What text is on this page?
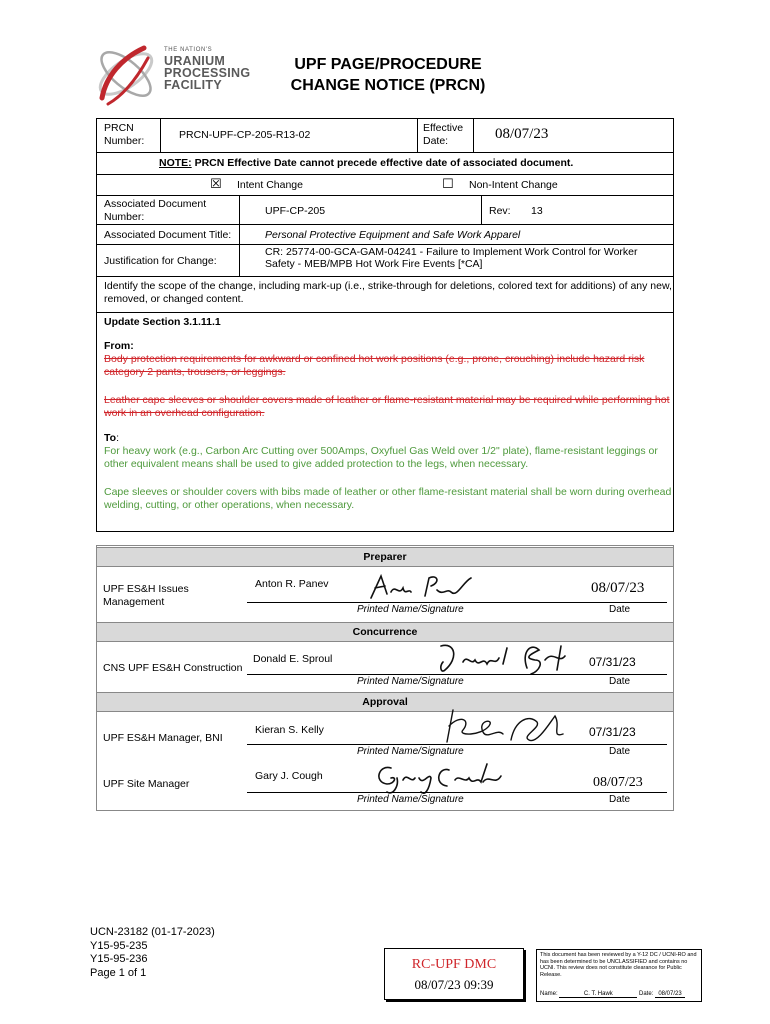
THE NATION'S
URANIUM
PROCESSING
FACILITY
UPF PAGE/PROCEDURE
CHANGE NOTICE (PRCN)
PRCN
Number:	PRCN-UPF-CP-205-R13-02
Effective
Date:	08/07/23
NOTE: PRCN Effective Date cannot precede effective date of associated document.
☒ Intent Change	☐ Non-Intent Change
Associated Document
Number:	UPF-CP-205	Rev: 13
Associated Document Title:	Personal Protective Equipment and Safe Work Apparel
Justification for Change:
CR: 25774-00-GCA-GAM-04241 - Failure to Implement Work Control for Worker Safety - MEB/MPB Hot Work Fire Events [*CA]
Identify the scope of the change, including mark-up (i.e., strike-through for deletions, colored text for additions) of any new, removed, or changed content.
Update Section 3.1.11.1
From:
Body protection requirements for awkward or confined hot work positions (e.g., prone, crouching) include hazard risk category 2 pants, trousers, or leggings.
Leather cape sleeves or shoulder covers made of leather or flame-resistant material may be required while performing hot work in an overhead configuration.
To:
For heavy work (e.g., Carbon Arc Cutting over 500Amps, Oxyfuel Gas Weld over 1/2" plate), flame-resistant leggings or other equivalent means shall be used to give added protection to the legs, when necessary.
Cape sleeves or shoulder covers with bibs made of leather or other flame-resistant material shall be worn during overhead welding, cutting, or other operations, when necessary.
Preparer
Concurrence
Approval
UPF ES&H Issues
Management
Anton R. Panev	08/07/23
Printed Name/Signature	Date
CNS UPF ES&H Construction
Donald E. Sproul	07/31/23
Printed Name/Signature	Date
UPF ES&H Manager, BNI
Kieran S. Kelly	07/31/23
Printed Name/Signature	Date
UPF Site Manager
Gary J. Cough	08/07/23
Printed Name/Signature	Date
UCN-23182 (01-17-2023)
Y15-95-235
Y15-95-236
Page 1 of 1
RC-UPF DMC
08/07/23 09:39
This document has been reviewed by a Y-12 DC / UCNI-RO and has been determined to be UNCLASSIFIED and contains no UCNI. This review does not constitute clearance for Public Release.
Name:	C. T. Hawk	Date: 08/07/23
